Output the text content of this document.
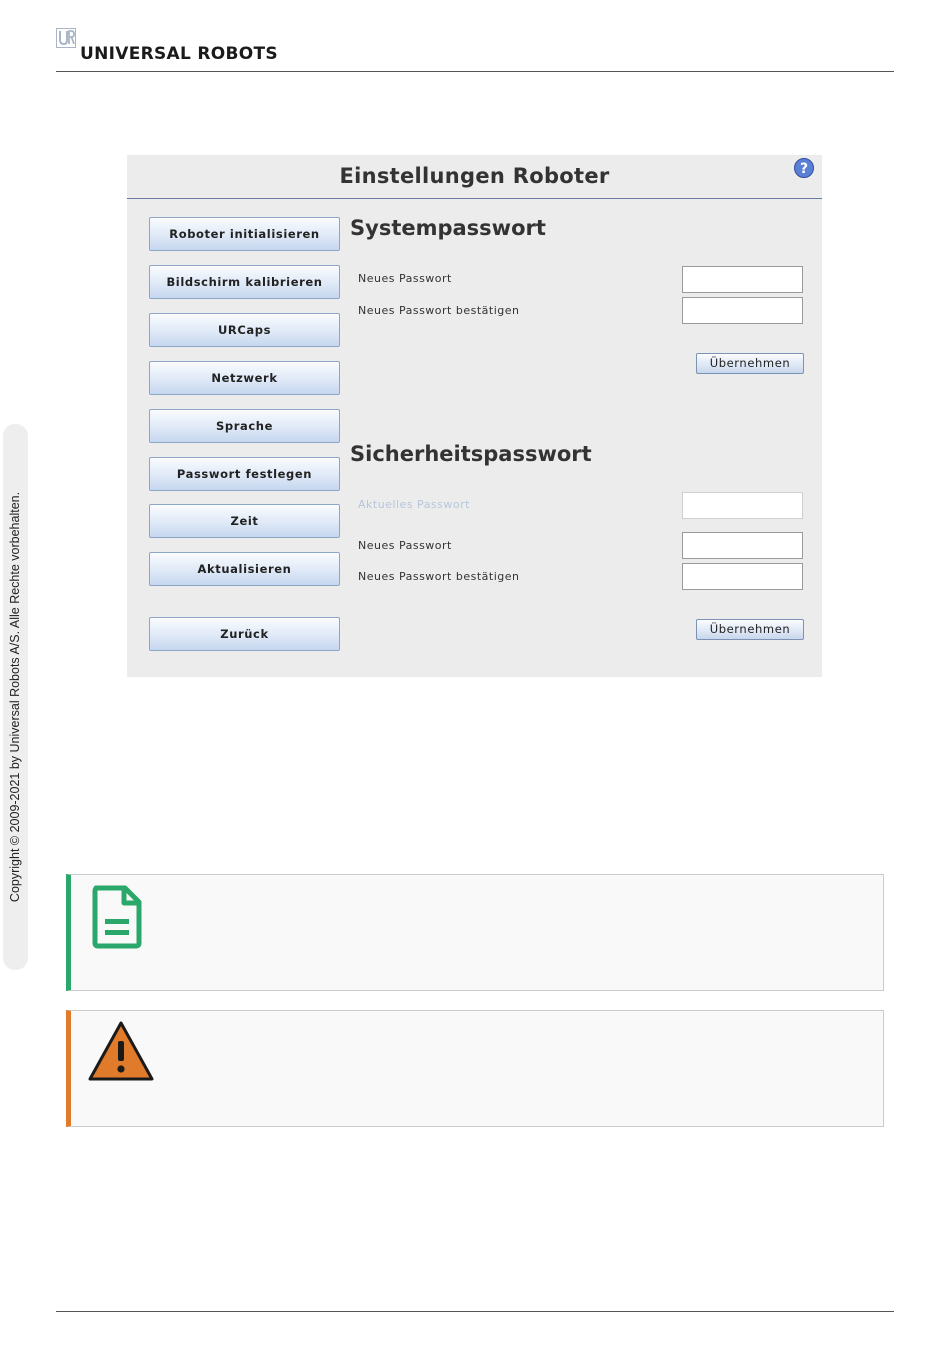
UNIVERSAL ROBOTS
Copyright © 2009-2021 by Universal Robots A/S. Alle Rechte vorbehalten.
Einstellungen Roboter	?
Roboter initialisieren
Bildschirm kalibrieren
URCaps
Netzwerk
Sprache
Passwort festlegen
Zeit
Aktualisieren
Zurück
Systempasswort
Neues Passwort
Neues Passwort bestätigen
Übernehmen
Sicherheitspasswort
Aktuelles Passwort
Neues Passwort
Neues Passwort bestätigen
Übernehmen
